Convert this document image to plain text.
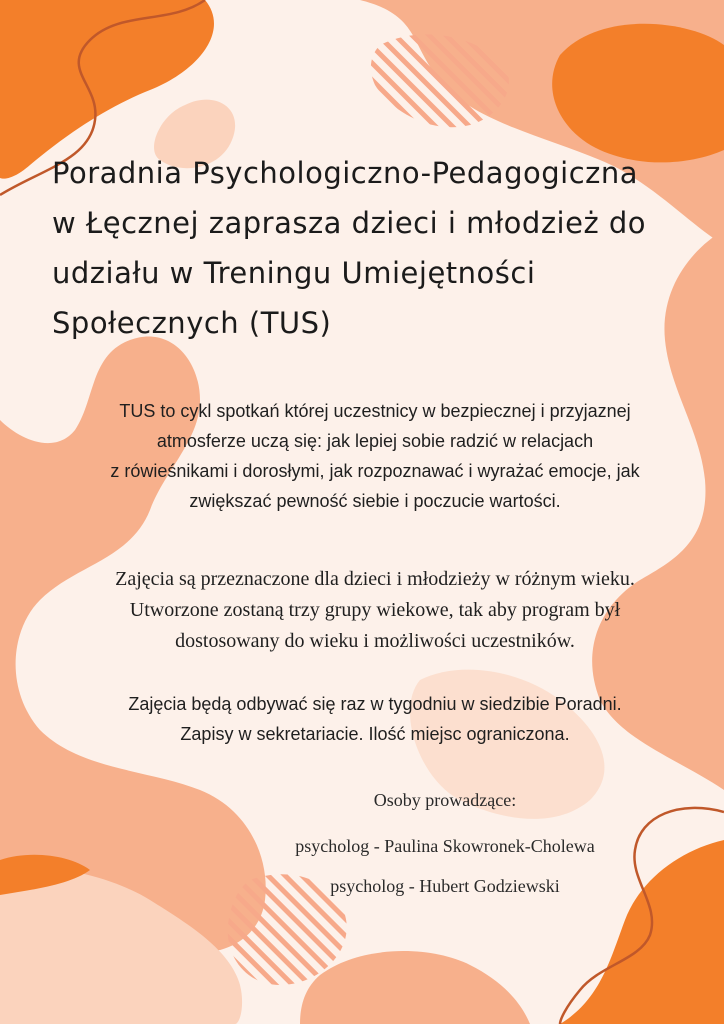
Poradnia Psychologiczno-Pedagogiczna
w Łęcznej zaprasza dzieci i młodzież do
udziału w Treningu Umiejętności
Społecznych (TUS)
TUS to cykl spotkań której uczestnicy w bezpiecznej i przyjaznej
atmosferze uczą się: jak lepiej sobie radzić w relacjach
z rówieśnikami i dorosłymi, jak rozpoznawać i wyrażać emocje, jak
zwiększać pewność siebie i poczucie wartości.
Zajęcia są przeznaczone dla dzieci i młodzieży w różnym wieku.
Utworzone zostaną trzy grupy wiekowe, tak aby program był
dostosowany do wieku i możliwości uczestników.
Zajęcia będą odbywać się raz w tygodniu w siedzibie Poradni.
Zapisy w sekretariacie. Ilość miejsc ograniczona.
Osoby prowadzące:
psycholog - Paulina Skowronek-Cholewa
psycholog - Hubert Godziewski
